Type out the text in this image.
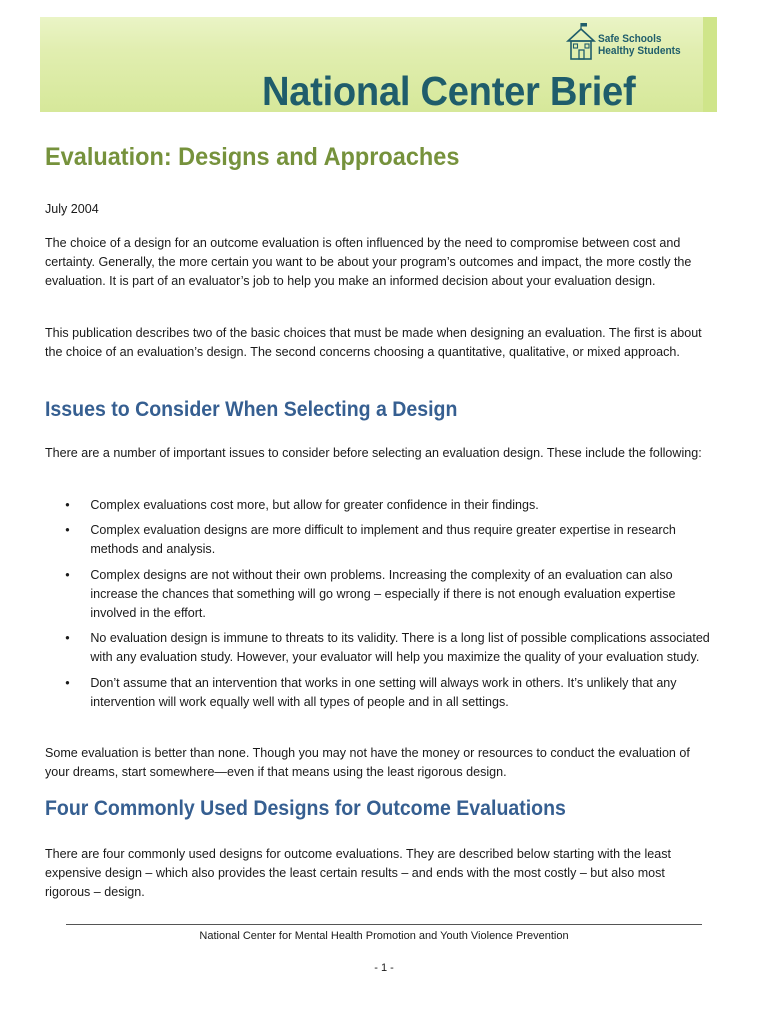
Safe Schools
Healthy Students
National Center Brief
Evaluation: Designs and Approaches

July 2004

The choice of a design for an outcome evaluation is often influenced by the need to compromise between cost and certainty. Generally, the more certain you want to be about your program’s outcomes and impact, the more costly the evaluation. It is part of an evaluator’s job to help you make an informed decision about your evaluation design.

This publication describes two of the basic choices that must be made when designing an evaluation. The first is about the choice of an evaluation’s design. The second concerns choosing a quantitative, qualitative, or mixed approach.

Issues to Consider When Selecting a Design

There are a number of important issues to consider before selecting an evaluation design. These include the following:

• Complex evaluations cost more, but allow for greater confidence in their findings.
• Complex evaluation designs are more difficult to implement and thus require greater expertise in research methods and analysis.
• Complex designs are not without their own problems. Increasing the complexity of an evaluation can also increase the chances that something will go wrong – especially if there is not enough evaluation expertise involved in the effort.
• No evaluation design is immune to threats to its validity. There is a long list of possible complications associated with any evaluation study. However, your evaluator will help you maximize the quality of your evaluation study.
• Don’t assume that an intervention that works in one setting will always work in others. It’s unlikely that any intervention will work equally well with all types of people and in all settings.

Some evaluation is better than none. Though you may not have the money or resources to conduct the evaluation of your dreams, start somewhere—even if that means using the least rigorous design.

Four Commonly Used Designs for Outcome Evaluations

There are four commonly used designs for outcome evaluations. They are described below starting with the least expensive design – which also provides the least certain results – and ends with the most costly – but also most rigorous – design.

National Center for Mental Health Promotion and Youth Violence Prevention

- 1 -
